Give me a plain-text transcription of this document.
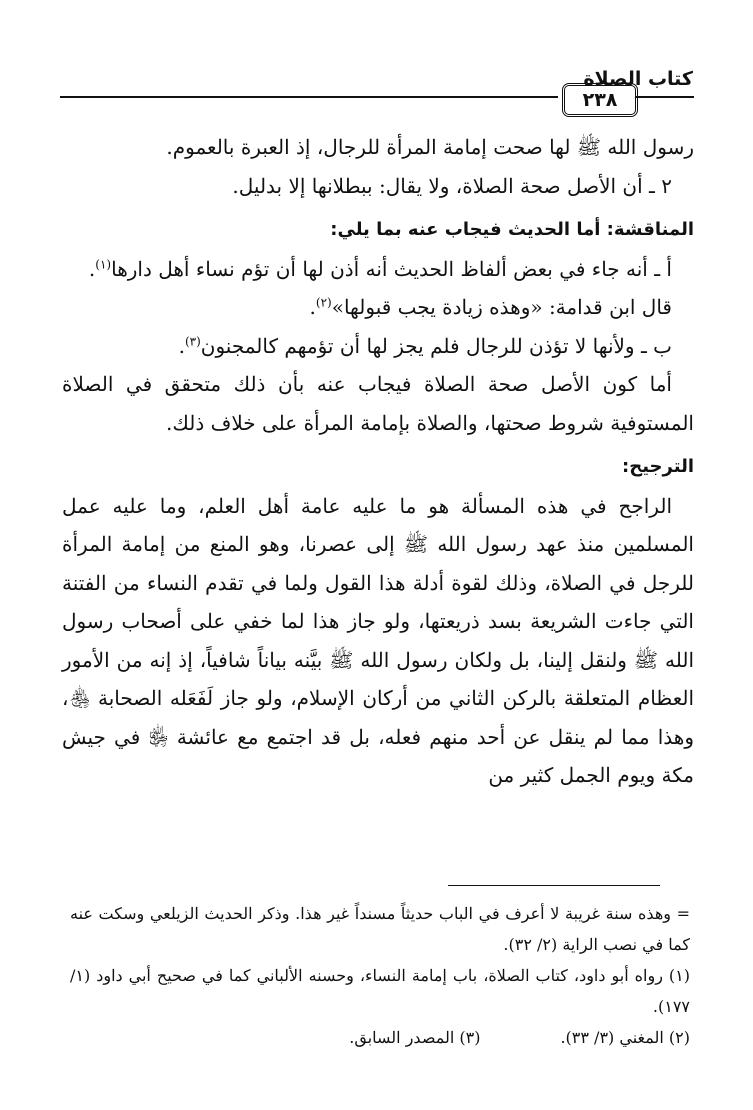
كتاب الصلاة
٢٣٨

رسول الله ﷺ لها صحت إمامة المرأة للرجال، إذ العبرة بالعموم.

٢ ـ أن الأصل صحة الصلاة، ولا يقال: ببطلانها إلا بدليل.

المناقشة: أما الحديث فيجاب عنه بما يلي:

أ ـ أنه جاء في بعض ألفاظ الحديث أنه أذن لها أن تؤم نساء أهل دارها$^{(١)}$.

قال ابن قدامة: «وهذه زيادة يجب قبولها»$^{(٢)}$.

ب ـ ولأنها لا تؤذن للرجال فلم يجز لها أن تؤمهم كالمجنون$^{(٣)}$.

أما كون الأصل صحة الصلاة فيجاب عنه بأن ذلك متحقق في الصلاة المستوفية شروط صحتها، والصلاة بإمامة المرأة على خلاف ذلك.

الترجيح:

الراجح في هذه المسألة هو ما عليه عامة أهل العلم، وما عليه عمل المسلمين منذ عهد رسول الله ﷺ إلى عصرنا، وهو المنع من إمامة المرأة للرجل في الصلاة، وذلك لقوة أدلة هذا القول ولما في تقدم النساء من الفتنة التي جاءت الشريعة بسد ذريعتها، ولو جاز هذا لما خفي على أصحاب رسول الله ﷺ ولنقل إلينا، بل ولكان رسول الله ﷺ بيَّنه بياناً شافياً، إذ إنه من الأمور العظام المتعلقة بالركن الثاني من أركان الإسلام، ولو جاز لَفَعَله الصحابة ﵃، وهذا مما لم ينقل عن أحد منهم فعله، بل قد اجتمع مع عائشة ﵂ في جيش مكة ويوم الجمل كثير من

= وهذه سنة غريبة لا أعرف في الباب حديثاً مسنداً غير هذا. وذكر الحديث الزيلعي وسكت عنه كما في نصب الراية (٢/ ٣٢).

(١) رواه أبو داود، كتاب الصلاة، باب إمامة النساء، وحسنه الألباني كما في صحيح أبي داود (١/ ١٧٧).

(٢) المغني (٣/ ٣٣).
(٣) المصدر السابق.
